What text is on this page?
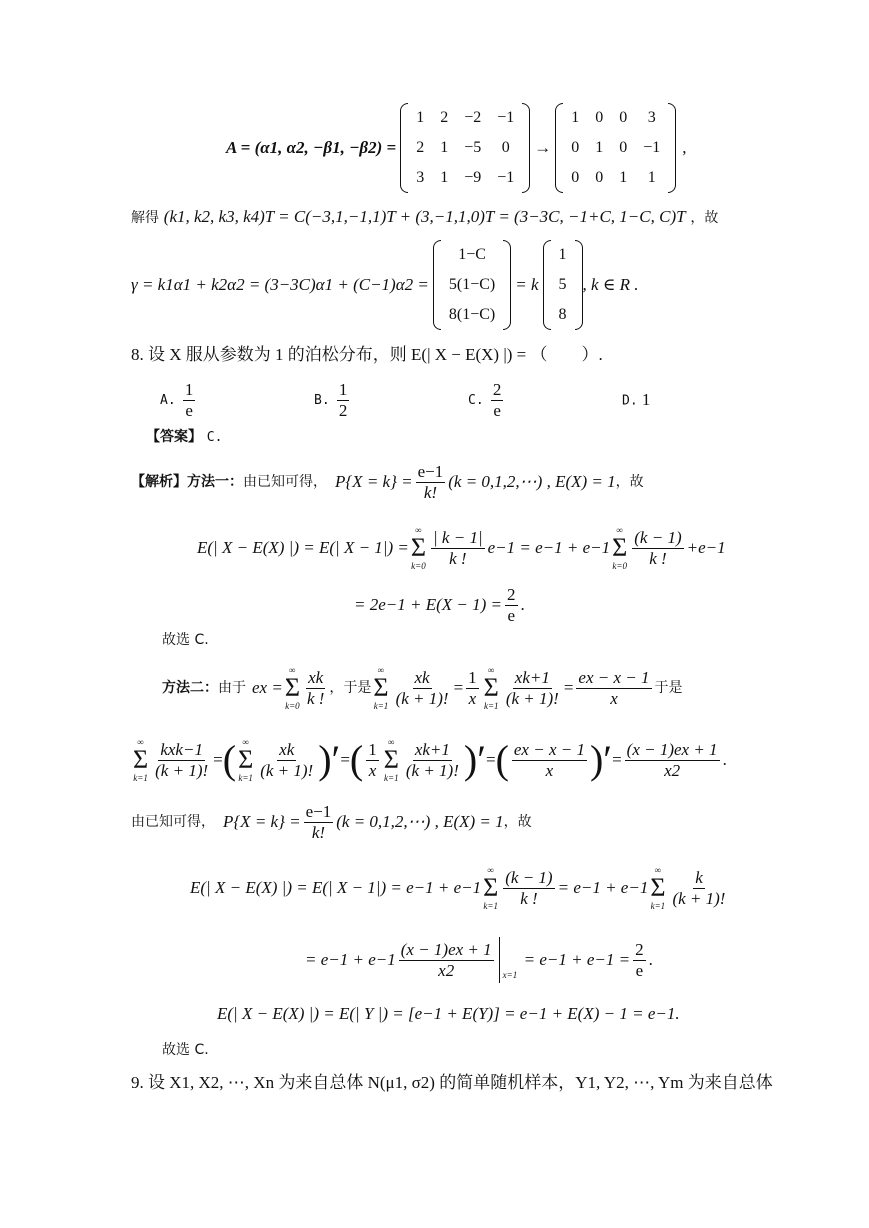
A = (α1, α2, −β1, −β2) =
1	2	−2	−1
2	1	−5	0
3	1	−9	−1
→
1	0	0	3
0	1	0	−1
0	0	1	1
,
解得 (k1, k2, k3, k4)T = C(−3,1,−1,1)T + (3,−1,1,0)T = (3−3C, −1+C, 1−C, C)T ，故
γ = k1α1 + k2α2 = (3−3C)α1 + (C−1)α2 =
1−C
5(1−C)
8(1−C)
= k
1
5
8
, k ∈ R .
8. 设 X 服从参数为 1 的泊松分布，则 E(| X − E(X) |) = （　　）.
A. $\frac{1}{e}$	B. $\frac{1}{2}$	C. $\frac{2}{e}$	D. 1
【答案】 C.
【解析】 方法一： 由已知可得， $P\{X = k\} = \frac{e-1}{k!} (k$ = 0,1,2,⋯) , E(X) = 1 ，故
E(| X − E(X) |) = E(| X − 1|) =
∞
Σ
$k=0 \frac{| k - 1|}{k !} e-1 = e-1 + e-1$
∞
Σ
$k=0 \frac{(k - 1)}{k !} +e-1$
= $2e-1 + E(X - 1) = \frac{2}{e}$ .
故选 C.
方法二： 由于 ex =
∞
Σ
$k=0 \frac{xk}{k !}$ ，于是
∞
Σ
$k=1 \frac{xk}{(k + 1)!} = \frac{1}{x}$ ∞
Σ
$k=1 \frac{xk+1}{(k + 1)!} = \frac{ex - x - 1}{x}$ 于是
∞
Σ
$k=1 \frac{\text{kxk−1}}{(k + 1)!}$ = ( ∞
Σ
$k=1 \frac{xk}{(k + 1)!}$ )′ = ( $\frac{1}{x}$ ∞
Σ
$k=1 \frac{xk+1}{(k + 1)!}$ )′ = ( $\frac{ex - x - 1}{x}$ )′ = $\frac{(x - 1)ex + 1}{x2}$ .
由已知可得， $P\{X = k\} = \frac{e-1}{k!} (k$ = 0,1,2,⋯) , E(X) = 1 ，故
E(| X − E(X) |) = E(| X − 1|) = e−1 + e−1
∞
Σ
$k=1 \frac{(k - 1)}{k !} = e-1 + e-1$
∞
Σ
$k=1 \frac{k}{(k + 1)!}$
= $e-1 + e-1 \frac{(x - 1)ex + 1}{x2} x=1$
= $e-1 + e-1 = \frac{2}{e}$ .
E(| X − E(X) |) = E(| Y |) = [e−1 + E(Y)] = e−1 + E(X) − 1 = e−1.
故选 C.
9. 设 X1, X2, ⋯, Xn 为来自总体 N(μ1, σ2) 的简单随机样本，Y1, Y2, ⋯, Ym 为来自总体
